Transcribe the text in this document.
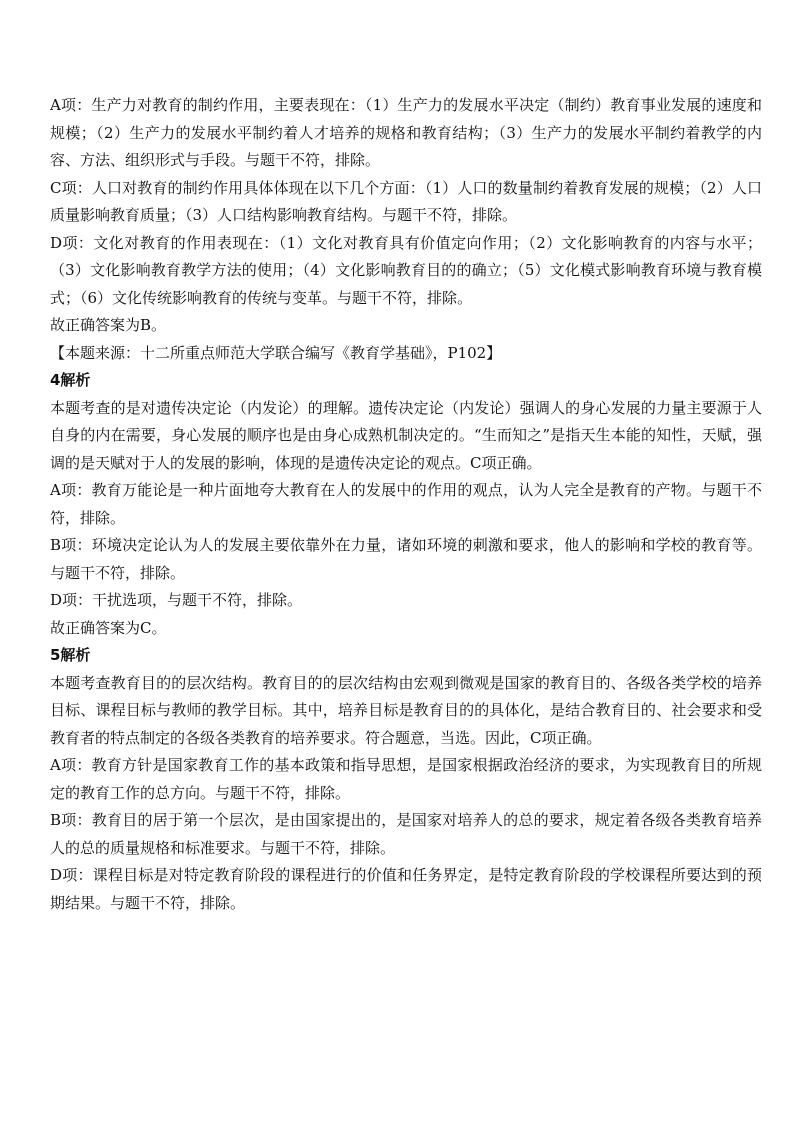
A项：生产力对教育的制约作用，主要表现在：（1）生产力的发展水平决定（制约）教育事业发展的速度和规模；（2）生产力的发展水平制约着人才培养的规格和教育结构；（3）生产力的发展水平制约着教学的内容、方法、组织形式与手段。与题干不符，排除。

C项：人口对教育的制约作用具体体现在以下几个方面：（1）人口的数量制约着教育发展的规模；（2）人口质量影响教育质量；（3）人口结构影响教育结构。与题干不符，排除。

D项：文化对教育的作用表现在：（1）文化对教育具有价值定向作用；（2）文化影响教育的内容与水平；（3）文化影响教育教学方法的使用；（4）文化影响教育目的的确立；（5）文化模式影响教育环境与教育模式；（6）文化传统影响教育的传统与变革。与题干不符，排除。

故正确答案为B。

【本题来源：十二所重点师范大学联合编写《教育学基础》，P102】

4解析

本题考查的是对遗传决定论（内发论）的理解。遗传决定论（内发论）强调人的身心发展的力量主要源于人自身的内在需要，身心发展的顺序也是由身心成熟机制决定的。“生而知之”是指天生本能的知性，天赋，强调的是天赋对于人的发展的影响，体现的是遗传决定论的观点。C项正确。

A项：教育万能论是一种片面地夸大教育在人的发展中的作用的观点，认为人完全是教育的产物。与题干不符，排除。

B项：环境决定论认为人的发展主要依靠外在力量，诸如环境的刺激和要求，他人的影响和学校的教育等。与题干不符，排除。

D项：干扰选项，与题干不符，排除。

故正确答案为C。

5解析

本题考查教育目的的层次结构。教育目的的层次结构由宏观到微观是国家的教育目的、各级各类学校的培养目标、课程目标与教师的教学目标。其中，培养目标是教育目的的具体化，是结合教育目的、社会要求和受教育者的特点制定的各级各类教育的培养要求。符合题意，当选。因此，C项正确。

A项：教育方针是国家教育工作的基本政策和指导思想，是国家根据政治经济的要求，为实现教育目的所规定的教育工作的总方向。与题干不符，排除。

B项：教育目的居于第一个层次，是由国家提出的，是国家对培养人的总的要求，规定着各级各类教育培养人的总的质量规格和标准要求。与题干不符，排除。

D项：课程目标是对特定教育阶段的课程进行的价值和任务界定，是特定教育阶段的学校课程所要达到的预期结果。与题干不符，排除。
